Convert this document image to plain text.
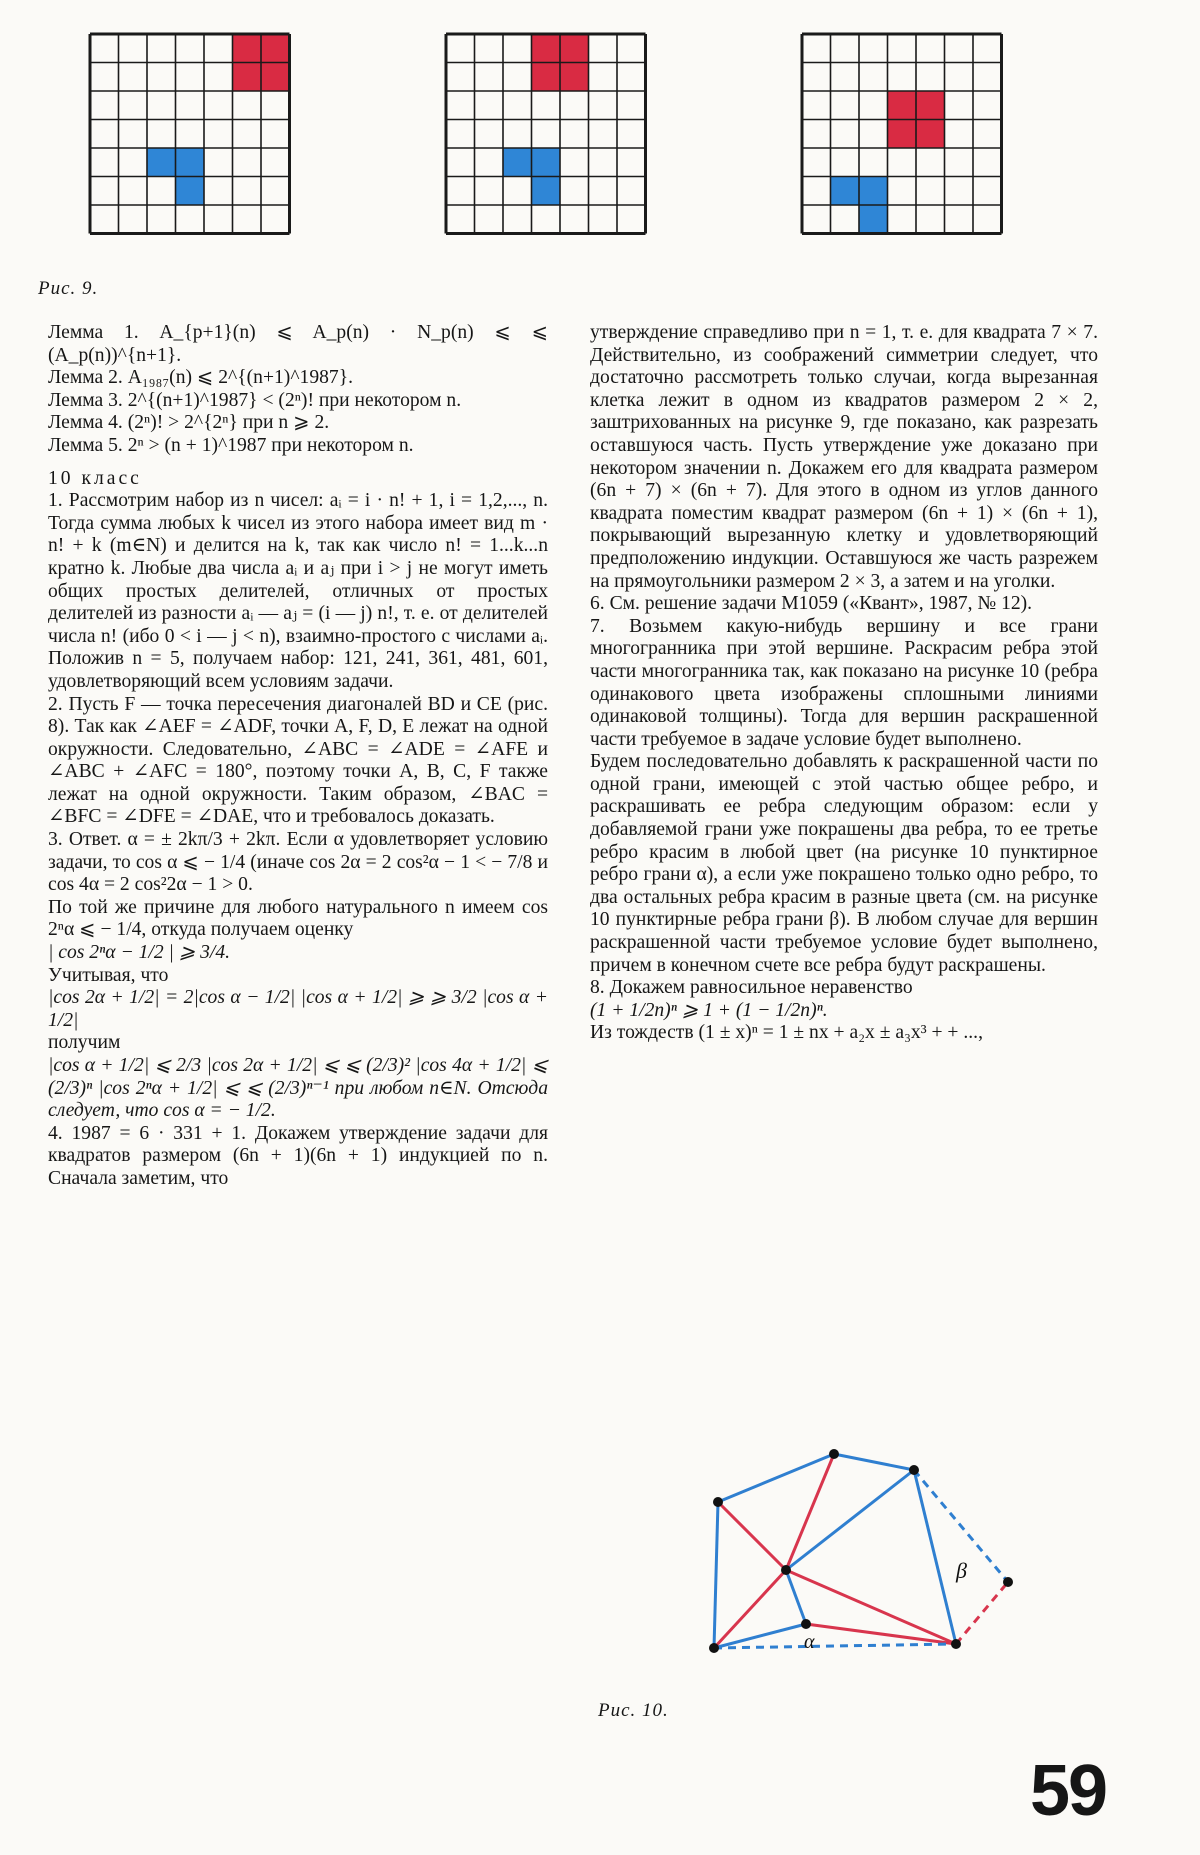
Рис. 9.

Лемма 1. A_{p+1}(n) ⩽ A_p(n) · N_p(n) ⩽ ⩽ (A_p(n))^{n+1}.

Лемма 2. A₁₉₈₇(n) ⩽ 2^{(n+1)^1987}.

Лемма 3. 2^{(n+1)^1987} < (2ⁿ)! при некотором n.

Лемма 4. (2ⁿ)! > 2^{2ⁿ} при n ⩾ 2.

Лемма 5. 2ⁿ > (n + 1)^1987 при некотором n.

10 класс

1. Рассмотрим набор из n чисел: aᵢ = i · n! + 1, i = 1,2,..., n. Тогда сумма любых k чисел из этого набора имеет вид m · n! + k (m∈N) и делится на k, так как число n! = 1...k...n кратно k. Любые два числа aᵢ и aⱼ при i > j не могут иметь общих простых делителей, отличных от простых делителей из разности aᵢ — aⱼ = (i — j) n!, т. е. от делителей числа n! (ибо 0 < i — j < n), взаимно-простого с числами aᵢ. Положив n = 5, получаем набор: 121, 241, 361, 481, 601, удовлетворяющий всем условиям задачи.

2. Пусть F — точка пересечения диагоналей BD и CE (рис. 8). Так как ∠AEF = ∠ADF, точки A, F, D, E лежат на одной окружности. Следовательно, ∠ABC = ∠ADE = ∠AFE и ∠ABC + ∠AFC = 180°, поэтому точки A, B, C, F также лежат на одной окружности. Таким образом, ∠BAC = ∠BFC = ∠DFE = ∠DAE, что и требовалось доказать.

3. Ответ. α = ± 2kπ/3 + 2kπ. Если α удовлетворяет условию задачи, то cos α ⩽ − 1/4 (иначе cos 2α = 2 cos²α − 1 < − 7/8 и cos 4α = 2 cos²2α − 1 > 0.

По той же причине для любого натурального n имеем cos 2ⁿα ⩽ − 1/4, откуда получаем оценку

| cos 2ⁿα − 1/2 | ⩾ 3/4.

Учитывая, что

|cos 2α + 1/2| = 2|cos α − 1/2| |cos α + 1/2| ⩾ ⩾ 3/2 |cos α + 1/2|

получим

|cos α + 1/2| ⩽ 2/3 |cos 2α + 1/2| ⩽ ⩽ (2/3)² |cos 4α + 1/2| ⩽ (2/3)ⁿ |cos 2ⁿα + 1/2| ⩽ ⩽ (2/3)ⁿ⁻¹ при любом n∈N. Отсюда следует, что cos α = − 1/2.

4. 1987 = 6 · 331 + 1. Докажем утверждение задачи для квадратов размером (6n + 1)(6n + 1) индукцией по n. Сначала заметим, что

утверждение справедливо при n = 1, т. е. для квадрата 7 × 7. Действительно, из соображений симметрии следует, что достаточно рассмотреть только случаи, когда вырезанная клетка лежит в одном из квадратов размером 2 × 2, заштрихованных на рисунке 9, где показано, как разрезать оставшуюся часть. Пусть утверждение уже доказано при некотором значении n. Докажем его для квадрата размером (6n + 7) × (6n + 7). Для этого в одном из углов данного квадрата поместим квадрат размером (6n + 1) × (6n + 1), покрывающий вырезанную клетку и удовлетворяющий предположению индукции. Оставшуюся же часть разрежем на прямоугольники размером 2 × 3, а затем и на уголки.

6. См. решение задачи М1059 («Квант», 1987, № 12).

7. Возьмем какую-нибудь вершину и все грани многогранника при этой вершине. Раскрасим ребра этой части многогранника так, как показано на рисунке 10 (ребра одинакового цвета изображены сплошными линиями одинаковой толщины). Тогда для вершин раскрашенной части требуемое в задаче условие будет выполнено.

Будем последовательно добавлять к раскрашенной части по одной грани, имеющей с этой частью общее ребро, и раскрашивать ее ребра следующим образом: если у добавляемой грани уже покрашены два ребра, то ее третье ребро красим в любой цвет (на рисунке 10 пунктирное ребро грани α), а если уже покрашено только одно ребро, то два остальных ребра красим в разные цвета (см. на рисунке 10 пунктирные ребра грани β). В любом случае для вершин раскрашенной части требуемое условие будет выполнено, причем в конечном счете все ребра будут раскрашены.

8. Докажем равносильное неравенство

(1 + 1/2n)ⁿ ⩾ 1 + (1 − 1/2n)ⁿ.

Из тождеств (1 ± x)ⁿ = 1 ± nx + a₂x ± a₃x³ + + ...,

α
β
Рис. 10.
59
